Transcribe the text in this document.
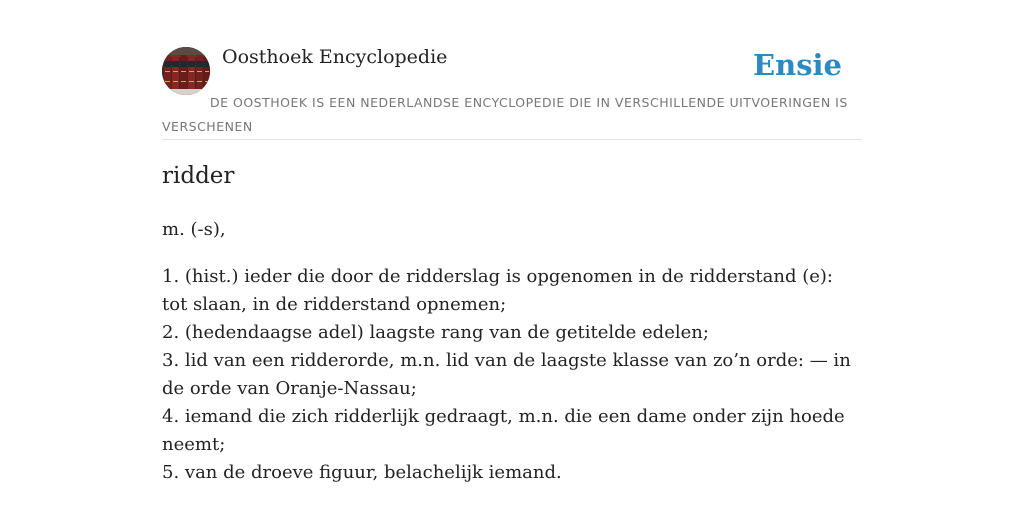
Oosthoek Encyclopedie	Ensie
DE OOSTHOEK IS EEN NEDERLANDSE ENCYCLOPEDIE DIE IN VERSCHILLENDE UITVOERINGEN IS VERSCHENEN
ridder
m. (-s),
1. (hist.) ieder die door de ridderslag is opgenomen in de ridderstand (e): tot slaan, in de ridderstand opnemen;
2. (hedendaagse adel) laagste rang van de getitelde edelen;
3. lid van een ridderorde, m.n. lid van de laagste klasse van zo’n orde: — in de orde van Oranje-Nassau;
4. iemand die zich ridderlijk gedraagt, m.n. die een dame onder zijn hoede neemt;
5. van de droeve figuur, belachelijk iemand.
